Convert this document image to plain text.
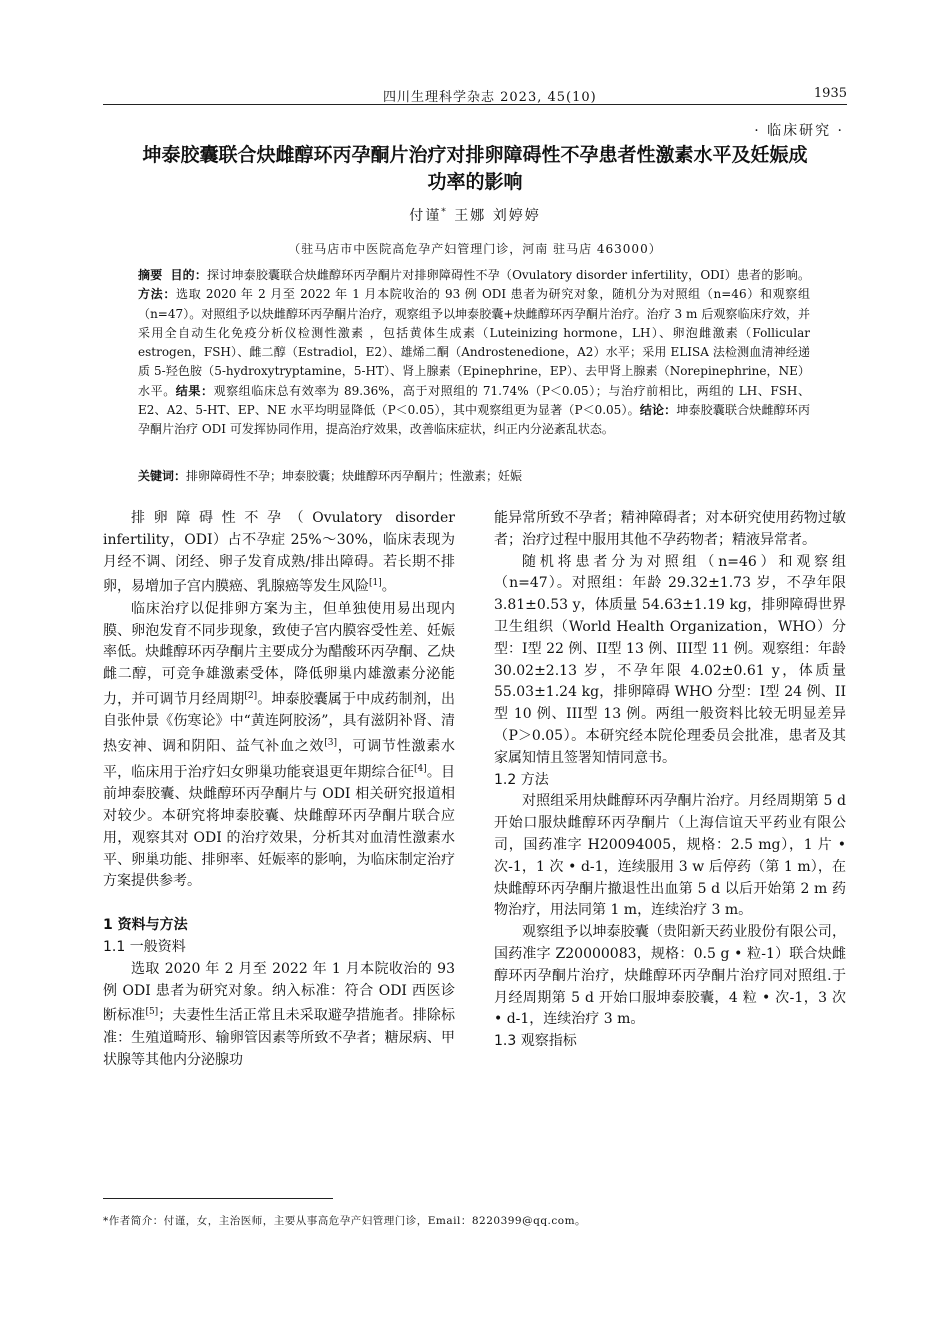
四川生理科学杂志 2023, 45(10)	1935
· 临床研究 ·
坤泰胶囊联合炔雌醇环丙孕酮片治疗对排卵障碍性不孕患者性激素水平及妊娠成
功率的影响
付谨* 王娜 刘婷婷
（驻马店市中医院高危孕产妇管理门诊，河南 驻马店 463000）
摘要 目的：探讨坤泰胶囊联合炔雌醇环丙孕酮片对排卵障碍性不孕（Ovulatory disorder infertility，ODI）患者的影响。方法：选取 2020 年 2 月至 2022 年 1 月本院收治的 93 例 ODI 患者为研究对象，随机分为对照组（n=46）和观察组（n=47）。对照组予以炔雌醇环丙孕酮片治疗，观察组予以坤泰胶囊+炔雌醇环丙孕酮片治疗。治疗 3 m 后观察临床疗效，并采用全自动生化免疫分析仪检测性激素 ，包括黄体生成素（Luteinizing hormone，LH）、卵泡雌激素（Follicular estrogen，FSH）、雌二醇（Estradiol，E2）、雄烯二酮（Androstenedione，A2）水平；采用 ELISA 法检测血清神经递质 5-羟色胺（5-hydroxytryptamine，5-HT）、肾上腺素（Epinephrine，EP）、去甲肾上腺素（Norepinephrine，NE）水平。结果：观察组临床总有效率为 89.36%，高于对照组的 71.74%（P＜0.05）；与治疗前相比，两组的 LH、FSH、E2、A2、5-HT、EP、NE 水平均明显降低（P＜0.05），其中观察组更为显著（P＜0.05）。结论：坤泰胶囊联合炔雌醇环丙孕酮片治疗 ODI 可发挥协同作用，提高治疗效果，改善临床症状，纠正内分泌紊乱状态。
关键词：排卵障碍性不孕；坤泰胶囊；炔雌醇环丙孕酮片；性激素；妊娠

排卵障碍性不孕（Ovulatory disorder infertility，ODI）占不孕症 25%～30%，临床表现为月经不调、闭经、卵子发育成熟/排出障碍。若长期不排卵，易增加子宫内膜癌、乳腺癌等发生风险[1]。

临床治疗以促排卵方案为主，但单独使用易出现内膜、卵泡发育不同步现象，致使子宫内膜容受性差、妊娠率低。炔雌醇环丙孕酮片主要成分为醋酸环丙孕酮、乙炔雌二醇，可竞争雄激素受体，降低卵巢内雄激素分泌能力，并可调节月经周期[2]。坤泰胶囊属于中成药制剂，出自张仲景《伤寒论》中“黄连阿胶汤”，具有滋阴补肾、清热安神、调和阴阳、益气补血之效[3]，可调节性激素水平，临床用于治疗妇女卵巢功能衰退更年期综合征[4]。目前坤泰胶囊、炔雌醇环丙孕酮片与 ODI 相关研究报道相对较少。本研究将坤泰胶囊、炔雌醇环丙孕酮片联合应用，观察其对 ODI 的治疗效果，分析其对血清性激素水平、卵巢功能、排卵率、妊娠率的影响，为临床制定治疗方案提供参考。

1 资料与方法
1.1 一般资料

选取 2020 年 2 月至 2022 年 1 月本院收治的 93 例 ODI 患者为研究对象。纳入标准：符合 ODI 西医诊断标准[5]；夫妻性生活正常且未采取避孕措施者。排除标准：生殖道畸形、输卵管因素等所致不孕者；糖尿病、甲状腺等其他内分泌腺功

能异常所致不孕者；精神障碍者；对本研究使用药物过敏者；治疗过程中服用其他不孕药物者；精液异常者。

随机将患者分为对照组（n=46）和观察组（n=47）。对照组：年龄 29.32±1.73 岁，不孕年限 3.81±0.53 y，体质量 54.63±1.19 kg，排卵障碍世界卫生组织（World Health Organization，WHO）分型：I型 22 例、II型 13 例、III型 11 例。观察组：年龄 30.02±2.13 岁，不孕年限 4.02±0.61 y，体质量 55.03±1.24 kg，排卵障碍 WHO 分型：I型 24 例、II型 10 例、III型 13 例。两组一般资料比较无明显差异（P＞0.05）。本研究经本院伦理委员会批准，患者及其家属知情且签署知情同意书。

1.2 方法

对照组采用炔雌醇环丙孕酮片治疗。月经周期第 5 d 开始口服炔雌醇环丙孕酮片（上海信谊天平药业有限公司，国药准字 H20094005，规格：2.5 mg），1 片 • 次-1，1 次 • d-1，连续服用 3 w 后停药（第 1 m），在炔雌醇环丙孕酮片撤退性出血第 5 d 以后开始第 2 m 药物治疗，用法同第 1 m，连续治疗 3 m。

观察组予以坤泰胶囊（贵阳新天药业股份有限公司，国药准字 Z20000083，规格：0.5 g • 粒-1）联合炔雌醇环丙孕酮片治疗，炔雌醇环丙孕酮片治疗同对照组.于月经周期第 5 d 开始口服坤泰胶囊，4 粒 • 次-1，3 次 • d-1，连续治疗 3 m。

1.3 观察指标
*作者简介：付谨，女，主治医师，主要从事高危孕产妇管理门诊，Email：8220399@qq.com。
